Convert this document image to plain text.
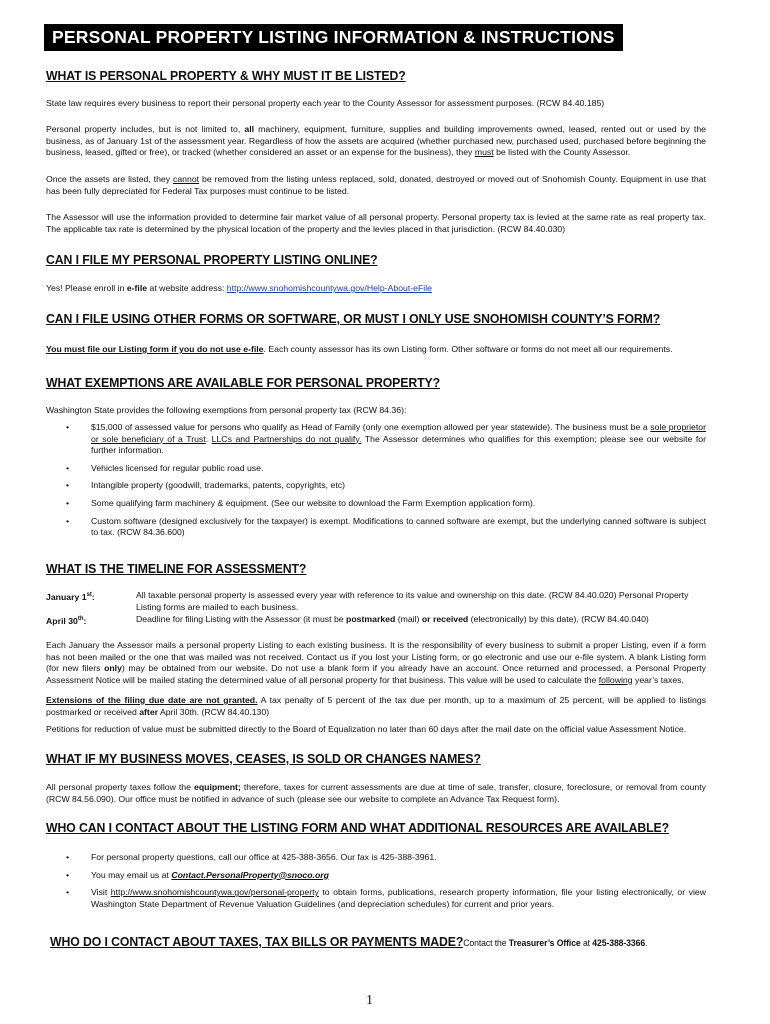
PERSONAL PROPERTY LISTING INFORMATION & INSTRUCTIONS
WHAT IS PERSONAL PROPERTY & WHY MUST IT BE LISTED?
State law requires every business to report their personal property each year to the County Assessor for assessment purposes. (RCW 84.40.185)
Personal property includes, but is not limited to, all machinery, equipment, furniture, supplies and building improvements owned, leased, rented out or used by the business, as of January 1st of the assessment year. Regardless of how the assets are acquired (whether purchased new, purchased used, purchased before beginning the business, leased, gifted or free), or tracked (whether considered an asset or an expense for the business), they must be listed with the County Assessor.
Once the assets are listed, they cannot be removed from the listing unless replaced, sold, donated, destroyed or moved out of Snohomish County. Equipment in use that has been fully depreciated for Federal Tax purposes must continue to be listed.
The Assessor will use the information provided to determine fair market value of all personal property. Personal property tax is levied at the same rate as real property tax. The applicable tax rate is determined by the physical location of the property and the levies placed in that jurisdiction. (RCW 84.40.030)
CAN I FILE MY PERSONAL PROPERTY LISTING ONLINE?
Yes! Please enroll in e-file at website address: http://www.snohomishcountywa.gov/Help-About-eFile
CAN I FILE USING OTHER FORMS OR SOFTWARE, OR MUST I ONLY USE SNOHOMISH COUNTY’S FORM?
You must file our Listing form if you do not use e-file. Each county assessor has its own Listing form. Other software or forms do not meet all our requirements.
WHAT EXEMPTIONS ARE AVAILABLE FOR PERSONAL PROPERTY?
Washington State provides the following exemptions from personal property tax (RCW 84.36):
•	$15,000 of assessed value for persons who qualify as Head of Family (only one exemption allowed per year statewide). The business must be a sole proprietor or sole beneficiary of a Trust. LLCs and Partnerships do not qualify. The Assessor determines who qualifies for this exemption; please see our website for further information.
•	Vehicles licensed for regular public road use.
•	Intangible property (goodwill, trademarks, patents, copyrights, etc)
•	Some qualifying farm machinery & equipment. (See our website to download the Farm Exemption application form).
•	Custom software (designed exclusively for the taxpayer) is exempt. Modifications to canned software are exempt, but the underlying canned software is subject to tax. (RCW 84.36.600)
WHAT IS THE TIMELINE FOR ASSESSMENT?
January 1st:	All taxable personal property is assessed every year with reference to its value and ownership on this date. (RCW 84.40.020) Personal Property Listing forms are mailed to each business.
April 30th:	Deadline for filing Listing with the Assessor (it must be postmarked (mail) or received (electronically) by this date). (RCW 84.40.040)
Each January the Assessor mails a personal property Listing to each existing business. It is the responsibility of every business to submit a proper Listing, even if a form has not been mailed or the one that was mailed was not received. Contact us if you lost your Listing form, or go electronic and use our e-file system. A blank Listing form (for new filers only) may be obtained from our website. Do not use a blank form if you already have an account. Once returned and processed, a Personal Property Assessment Notice will be mailed stating the determined value of all personal property for that business. This value will be used to calculate the following year’s taxes.
Extensions of the filing due date are not granted. A tax penalty of 5 percent of the tax due per month, up to a maximum of 25 percent, will be applied to listings postmarked or received after April 30th. (RCW 84.40.130)
Petitions for reduction of value must be submitted directly to the Board of Equalization no later than 60 days after the mail date on the official value Assessment Notice.
WHAT IF MY BUSINESS MOVES, CEASES, IS SOLD OR CHANGES NAMES?
All personal property taxes follow the equipment; therefore, taxes for current assessments are due at time of sale, transfer, closure, foreclosure, or removal from county (RCW 84.56.090). Our office must be notified in advance of such (please see our website to complete an Advance Tax Request form).
WHO CAN I CONTACT ABOUT THE LISTING FORM AND WHAT ADDITIONAL RESOURCES ARE AVAILABLE?
•	For personal property questions, call our office at 425-388-3656. Our fax is 425-388-3961.
•	You may email us at Contact.PersonalProperty@snoco.org
•	Visit http://www.snohomishcountywa.gov/personal-property to obtain forms, publications, research property information, file your listing electronically, or view Washington State Department of Revenue Valuation Guidelines (and depreciation schedules) for current and prior years.
WHO DO I CONTACT ABOUT TAXES, TAX BILLS OR PAYMENTS MADE?Contact the Treasurer’s Office at 425-388-3366.
1
